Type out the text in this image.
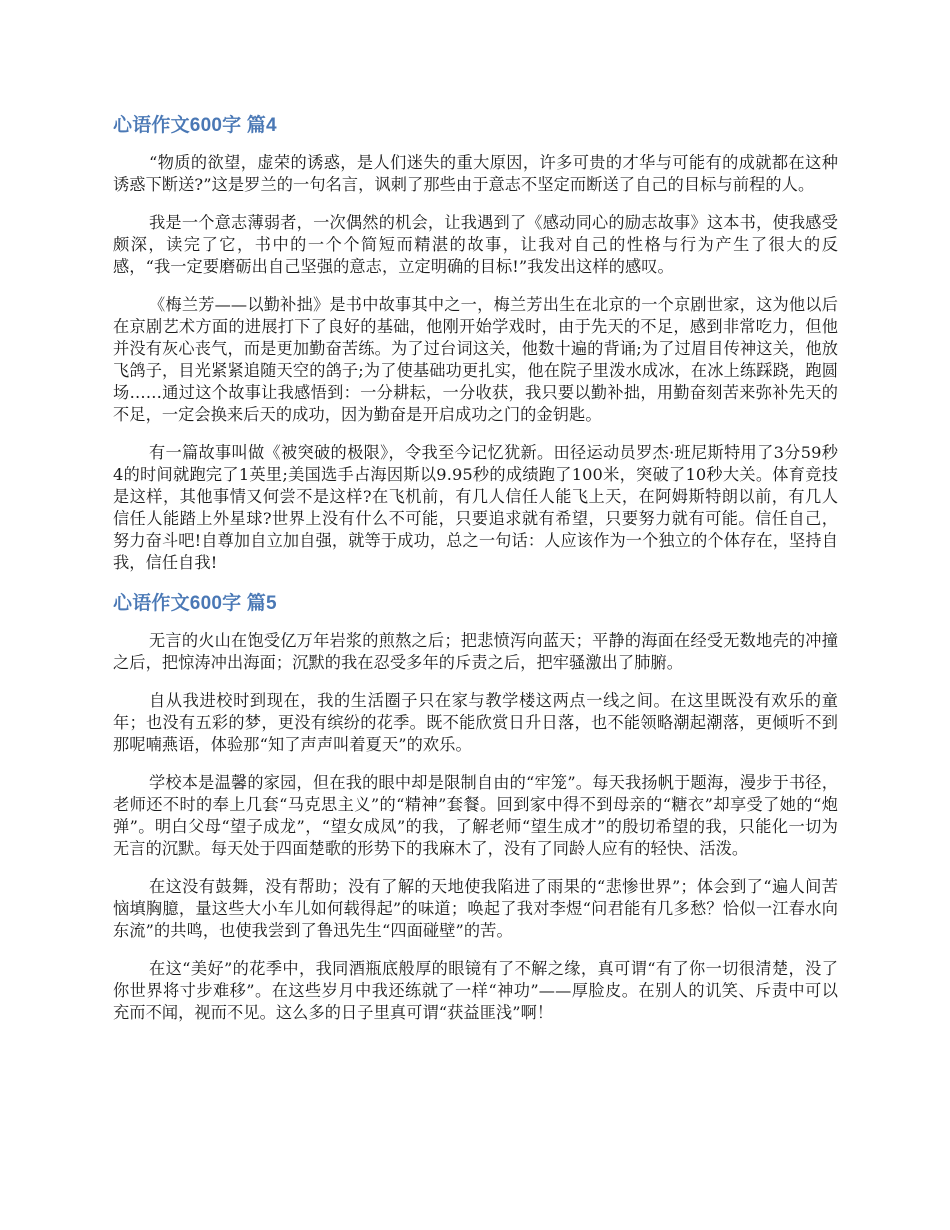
心语作文600字 篇4

“物质的欲望，虚荣的诱惑，是人们迷失的重大原因，许多可贵的才华与可能有的成就都在这种诱惑下断送?”这是罗兰的一句名言，讽刺了那些由于意志不坚定而断送了自己的目标与前程的人。

我是一个意志薄弱者，一次偶然的机会，让我遇到了《感动同心的励志故事》这本书，使我感受颇深，读完了它，书中的一个个简短而精湛的故事，让我对自己的性格与行为产生了很大的反感，“我一定要磨砺出自己坚强的意志，立定明确的目标!”我发出这样的感叹。

《梅兰芳——以勤补拙》是书中故事其中之一，梅兰芳出生在北京的一个京剧世家，这为他以后在京剧艺术方面的进展打下了良好的基础，他刚开始学戏时，由于先天的不足，感到非常吃力，但他并没有灰心丧气，而是更加勤奋苦练。为了过台词这关，他数十遍的背诵;为了过眉目传神这关，他放飞鸽子，目光紧紧追随天空的鸽子;为了使基础功更扎实，他在院子里泼水成冰，在冰上练踩跷，跑圆场……通过这个故事让我感悟到：一分耕耘，一分收获，我只要以勤补拙，用勤奋刻苦来弥补先天的不足，一定会换来后天的成功，因为勤奋是开启成功之门的金钥匙。

有一篇故事叫做《被突破的极限》，令我至今记忆犹新。田径运动员罗杰·班尼斯特用了3分59秒4的时间就跑完了1英里;美国选手占海因斯以9.95秒的成绩跑了100米，突破了10秒大关。体育竞技是这样，其他事情又何尝不是这样?在飞机前，有几人信任人能飞上天，在阿姆斯特朗以前，有几人信任人能踏上外星球?世界上没有什么不可能，只要追求就有希望，只要努力就有可能。信任自己，努力奋斗吧!自尊加自立加自强，就等于成功，总之一句话：人应该作为一个独立的个体存在，坚持自我，信任自我!

心语作文600字 篇5

无言的火山在饱受亿万年岩浆的煎熬之后；把悲愤泻向蓝天；平静的海面在经受无数地壳的冲撞之后，把惊涛冲出海面；沉默的我在忍受多年的斥责之后，把牢骚激出了肺腑。

自从我进校时到现在，我的生活圈子只在家与教学楼这两点一线之间。在这里既没有欢乐的童年；也没有五彩的梦，更没有缤纷的花季。既不能欣赏日升日落，也不能领略潮起潮落，更倾听不到那呢喃燕语，体验那“知了声声叫着夏天”的欢乐。

学校本是温馨的家园，但在我的眼中却是限制自由的“牢笼”。每天我扬帆于题海，漫步于书径，老师还不时的奉上几套“马克思主义”的“精神”套餐。回到家中得不到母亲的“糖衣”却享受了她的“炮弹”。明白父母“望子成龙”，“望女成凤”的我，了解老师“望生成才”的殷切希望的我，只能化一切为无言的沉默。每天处于四面楚歌的形势下的我麻木了，没有了同龄人应有的轻快、活泼。

在这没有鼓舞，没有帮助；没有了解的天地使我陷进了雨果的“悲惨世界”；体会到了“遍人间苦恼填胸臆，量这些大小车儿如何载得起”的味道；唤起了我对李煜“问君能有几多愁？恰似一江春水向东流”的共鸣，也使我尝到了鲁迅先生“四面碰壁”的苦。

在这“美好”的花季中，我同酒瓶底般厚的眼镜有了不解之缘，真可谓“有了你一切很清楚，没了你世界将寸步难移”。在这些岁月中我还练就了一样“神功”——厚脸皮。在别人的讥笑、斥责中可以充而不闻，视而不见。这么多的日子里真可谓“获益匪浅”啊！
